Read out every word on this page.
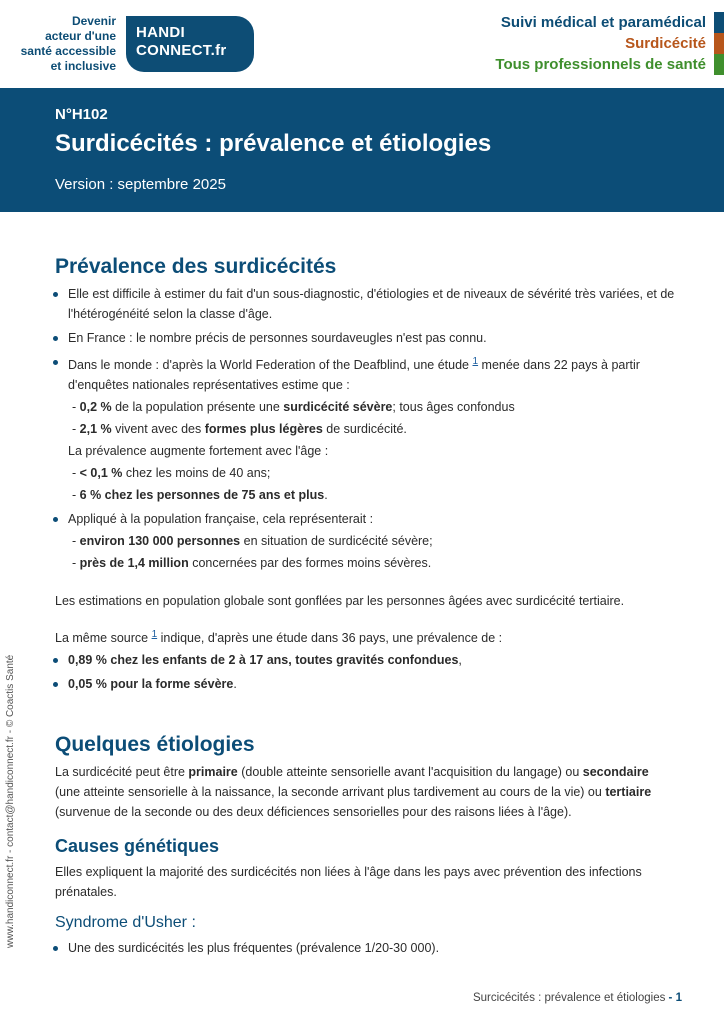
Devenir
acteur d'une
santé accessible
et inclusive
HANDI
CONNECT.fr
Suivi médical et paramédical
Surdicécité
Tous professionnels de santé
N°H102
Surdicécités : prévalence et étiologies
Version : septembre 2025
www.handiconnect.fr - contact@handiconnect.fr - © Coactis Santé
Prévalence des surdicécités
Elle est difficile à estimer du fait d'un sous-diagnostic, d'étiologies et de niveaux de sévérité très variées, et de l'hétérogénéité selon la classe d'âge.
En France : le nombre précis de personnes sourdaveugles n'est pas connu.
Dans le monde : d'après la World Federation of the Deafblind, une étude $^1$ menée dans 22 pays à partir d'enquêtes nationales représentatives estime que :
- 0,2 % de la population présente une surdicécité sévère; tous âges confondus
- 2,1 % vivent avec des formes plus légères de surdicécité.
La prévalence augmente fortement avec l'âge :
- < 0,1 % chez les moins de 40 ans;
- 6 % chez les personnes de 75 ans et plus.
Appliqué à la population française, cela représenterait :
- environ 130 000 personnes en situation de surdicécité sévère;
- près de 1,4 million concernées par des formes moins sévères.

Les estimations en population globale sont gonflées par les personnes âgées avec surdicécité tertiaire.

La même source $^1$ indique, d'après une étude dans 36 pays, une prévalence de :

0,89 % chez les enfants de 2 à 17 ans, toutes gravités confondues,
0,05 % pour la forme sévère.
Quelques étiologies

La surdicécité peut être primaire (double atteinte sensorielle avant l'acquisition du langage) ou secondaire (une atteinte sensorielle à la naissance, la seconde arrivant plus tardivement au cours de la vie) ou tertiaire (survenue de la seconde ou des deux déficiences sensorielles pour des raisons liées à l'âge).

Causes génétiques

Elles expliquent la majorité des surdicécités non liées à l'âge dans les pays avec prévention des infections prénatales.

Syndrome d'Usher :
Une des surdicécités les plus fréquentes (prévalence 1/20-30 000).
Surcicécités : prévalence et étiologies - 1
